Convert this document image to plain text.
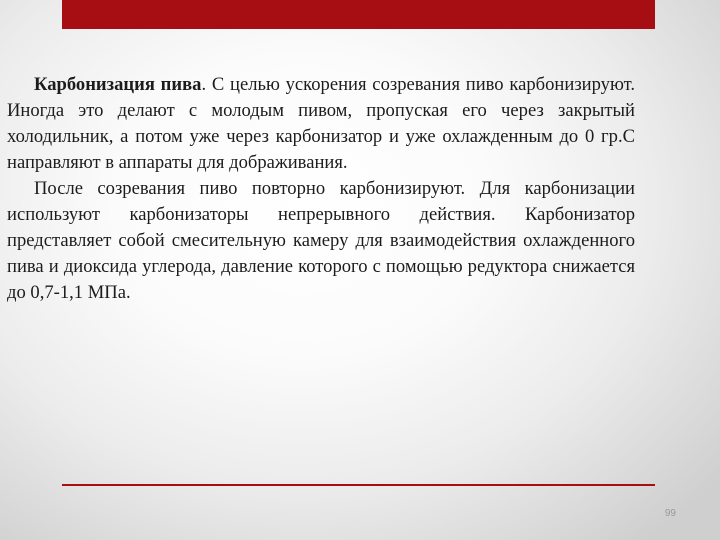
Карбонизация пива. С целью ускорения созревания пиво карбонизируют. Иногда это делают с молодым пивом, пропуская его через закрытый холодильник, а потом уже через карбонизатор и уже охлажденным до 0 гр.С направляют в аппараты для дображивания.

После созревания пиво повторно карбонизируют. Для карбонизации используют карбонизаторы непрерывного действия. Карбонизатор представляет собой смесительную камеру для взаимодействия охлажденного пива и диоксида углерода, давление которого с помощью редуктора снижается до 0,7-1,1 МПа.

99
